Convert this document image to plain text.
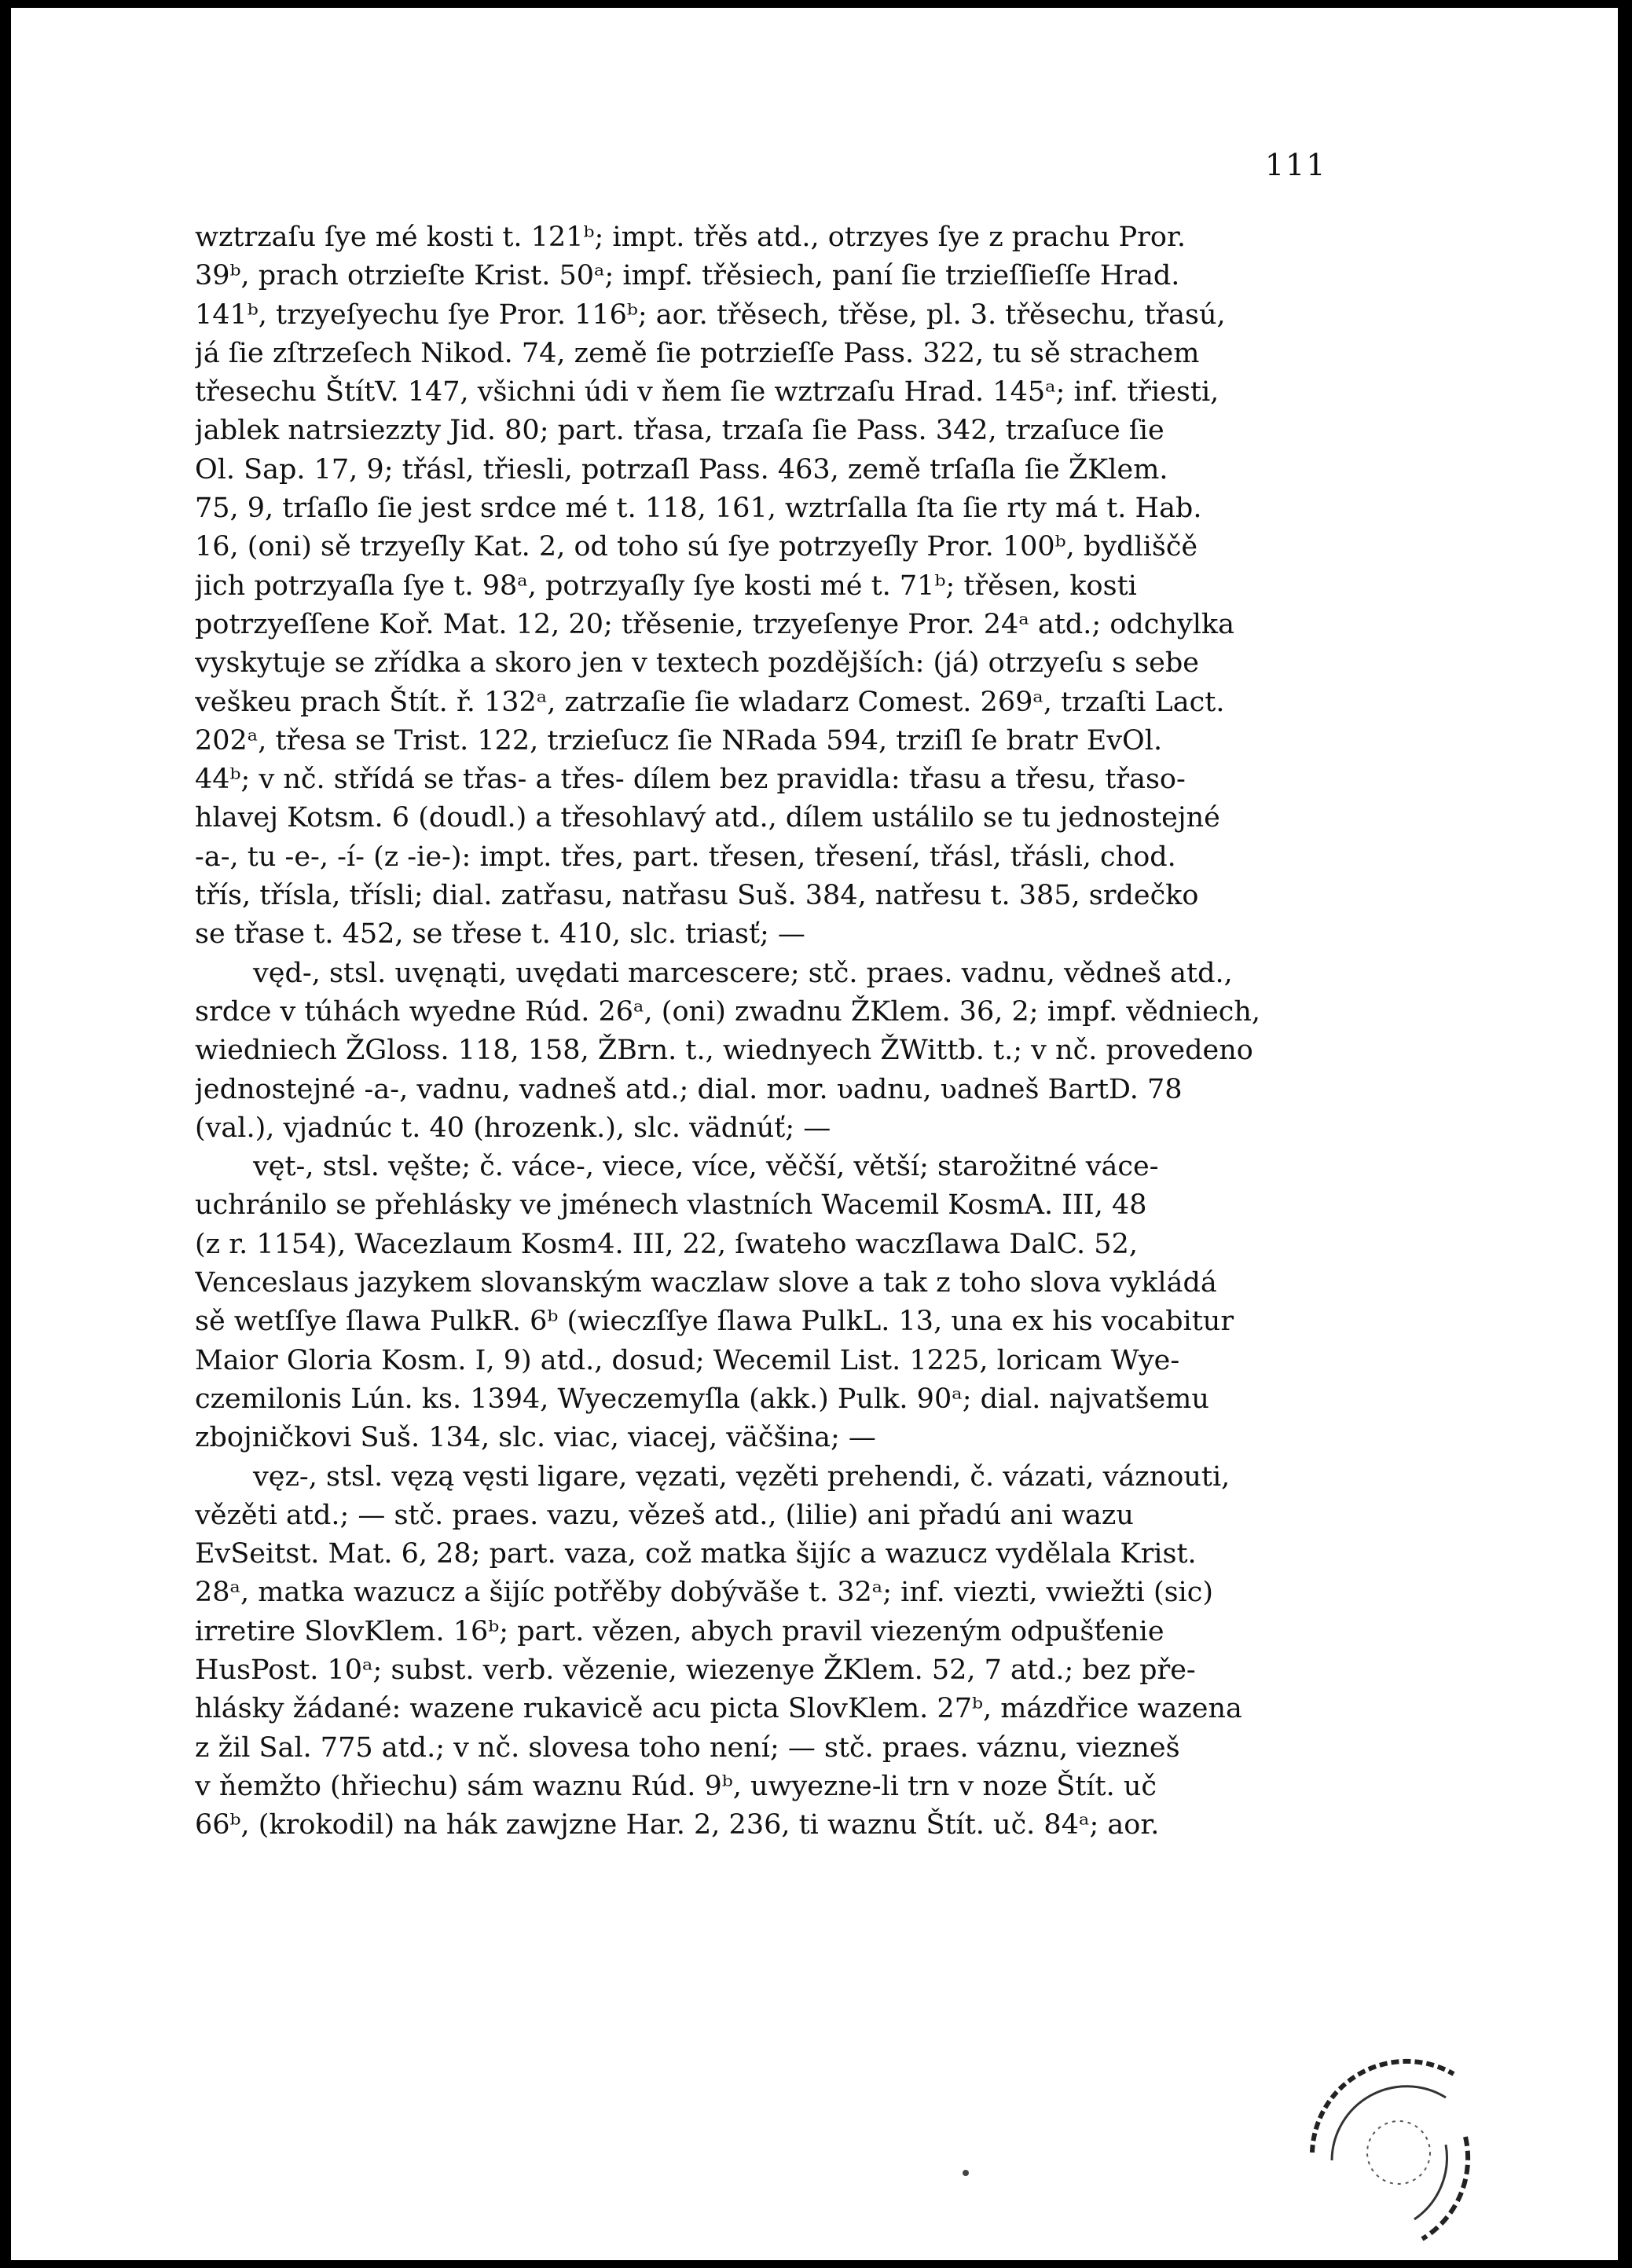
111
wztrzaſu ſye mé kosti t. 121ᵇ; impt. třěs atd., otrzyes ſye z prachu Pror.
39ᵇ, prach otrzieſte Krist. 50ᵃ; impf. třěsiech, paní ſie trzieſſieſſe Hrad.
141ᵇ, trzyeſyechu ſye Pror. 116ᵇ; aor. třěsech, třěse, pl. 3. třěsechu, třasú,
já ſie zſtrzeſech Nikod. 74, země ſie potrzieſſe Pass. 322, tu sě strachem
třesechu ŠtítV. 147, všichni údi v ňem ſie wztrzaſu Hrad. 145ᵃ; inf. třiesti,
jablek natrsiezzty Jid. 80; part. třasa, trzaſa ſie Pass. 342, trzaſuce ſie
Ol. Sap. 17, 9; třásl, třiesli, potrzaſl Pass. 463, země trſaſla ſie ŽKlem.
75, 9, trſaſlo ſie jest srdce mé t. 118, 161, wztrſalla ſta ſie rty má t. Hab.
16, (oni) sě trzyeſly Kat. 2, od toho sú ſye potrzyeſly Pror. 100ᵇ, bydliščě
jich potrzyaſla ſye t. 98ᵃ, potrzyaſly ſye kosti mé t. 71ᵇ; třěsen, kosti
potrzyeſſene Koř. Mat. 12, 20; třěsenie, trzyeſenye Pror. 24ᵃ atd.; odchylka
vyskytuje se zřídka a skoro jen v textech pozdějších: (já) otrzyeſu s sebe
veškeu prach Štít. ř. 132ᵃ, zatrzaſie ſie wladarz Comest. 269ᵃ, trzaſti Lact.
202ᵃ, třesa se Trist. 122, trzieſucz ſie NRada 594, trziſl ſe bratr EvOl.
44ᵇ; v nč. střídá se třas- a třes- dílem bez pravidla: třasu a třesu, třaso-
hlavej Kotsm. 6 (doudl.) a třesohlavý atd., dílem ustálilo se tu jednostejné
-a-, tu -e-, -í- (z -ie-): impt. třes, part. třesen, třesení, třásl, třásli, chod.
třís, třísla, třísli; dial. zatřasu, natřasu Suš. 384, natřesu t. 385, srdečko
se třase t. 452, se třese t. 410, slc. triasť; —
vęd-, stsl. uvęnąti, uvędati marcescere; stč. praes. vadnu, vědneš atd.,
srdce v túhách wyedne Rúd. 26ᵃ, (oni) zwadnu ŽKlem. 36, 2; impf. vědniech,
wiedniech ŽGloss. 118, 158, ŽBrn. t., wiednyech ŽWittb. t.; v nč. provedeno
jednostejné -a-, vadnu, vadneš atd.; dial. mor. ʋadnu, ʋadneš BartD. 78
(val.), vjadnúc t. 40 (hrozenk.), slc. vädnúť; —
vęt-, stsl. vęšte; č. váce-, viece, více, věčší, větší; starožitné váce-
uchránilo se přehlásky ve jménech vlastních Wacemil KosmA. III, 48
(z r. 1154), Wacezlaum Kosm4. III, 22, ſwateho waczſlawa DalC. 52,
Venceslaus jazykem slovanským waczlaw slove a tak z toho slova vykládá
sě wetſſye ſlawa PulkR. 6ᵇ (wieczſſye ſlawa PulkL. 13, una ex his vocabitur
Maior Gloria Kosm. I, 9) atd., dosud; Wecemil List. 1225, loricam Wye-
czemilonis Lún. ks. 1394, Wyeczemyſla (akk.) Pulk. 90ᵃ; dial. najvatšemu
zbojničkovi Suš. 134, slc. viac, viacej, väčšina; —
vęz-, stsl. vęzą vęsti ligare, vęzati, vęzěti prehendi, č. vázati, váznouti,
vězěti atd.; — stč. praes. vazu, vězeš atd., (lilie) ani přadú ani wazu
EvSeitst. Mat. 6, 28; part. vaza, což matka šijíc a wazucz vydělala Krist.
28ᵃ, matka wazucz a šijíc potřěby dobývăše t. 32ᵃ; inf. viezti, vwiežti (sic)
irretire SlovKlem. 16ᵇ; part. vězen, abych pravil viezeným odpušťenie
HusPost. 10ᵃ; subst. verb. vězenie, wiezenye ŽKlem. 52, 7 atd.; bez pře-
hlásky žádané: wazene rukavicě acu picta SlovKlem. 27ᵇ, mázdřice wazena
z žil Sal. 775 atd.; v nč. slovesa toho není; — stč. praes. váznu, viezneš
v ňemžto (hřiechu) sám waznu Rúd. 9ᵇ, uwyezne-li trn v noze Štít. uč
66ᵇ, (krokodil) na hák zawjzne Har. 2, 236, ti waznu Štít. uč. 84ᵃ; aor.
